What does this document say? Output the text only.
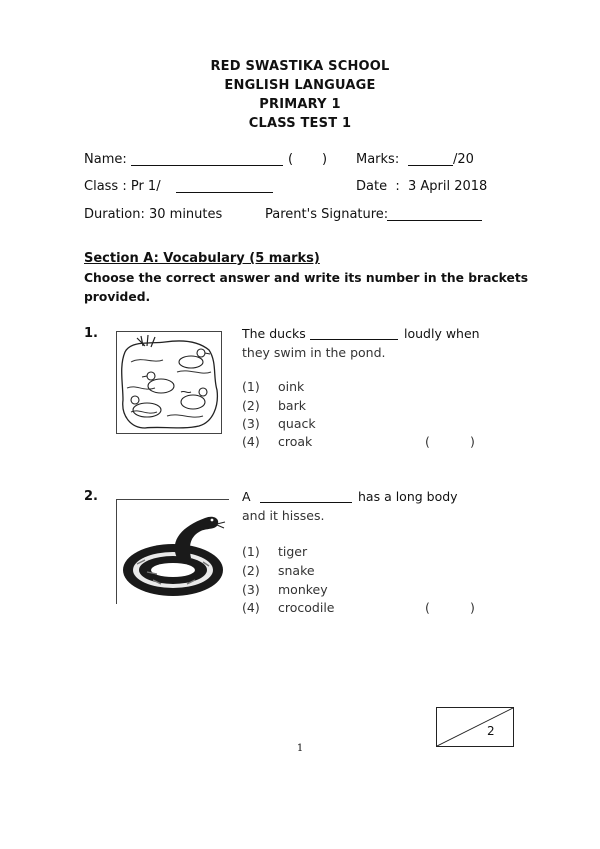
RED SWASTIKA SCHOOL
ENGLISH LANGUAGE
PRIMARY 1
CLASS TEST 1
Name:	( ) Marks:	/20
Class : Pr 1/	Date  :  3 April 2018
Duration: 30 minutes	Parent's Signature:
Section A: Vocabulary (5 marks)
Choose the correct answer and write its number in the brackets
provided.
1.	The ducks	loudly when
they swim in the pond.
(1) oink
(2) bark
(3) quack
(4) croak	(	)
2.	A	has a long body
and it hisses.
(1) tiger
(2) snake
(3) monkey
(4) crocodile	(	)
2
1
